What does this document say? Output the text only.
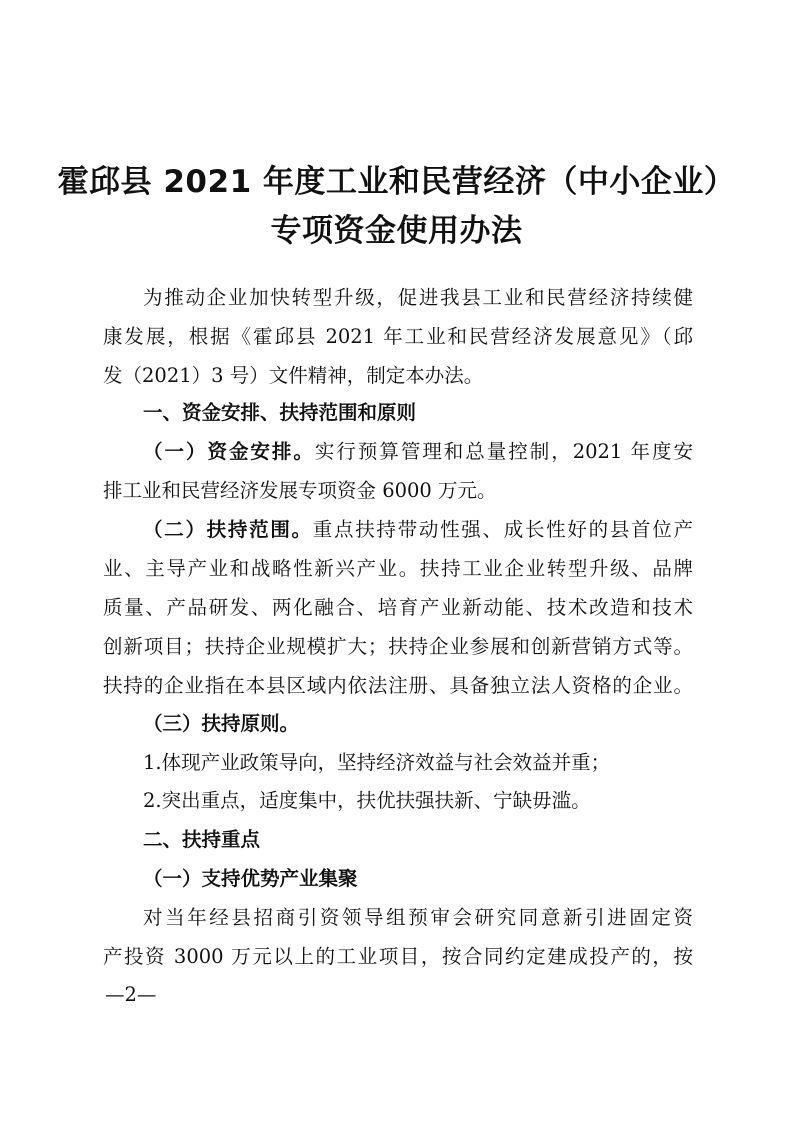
霍邱县 2021 年度工业和民营经济（中小企业）
专项资金使用办法
为推动企业加快转型升级，促进我县工业和民营经济持续健
康发展，根据《霍邱县 2021 年工业和民营经济发展意见》（邱
发（2021）3 号）文件精神，制定本办法。
一、资金安排、扶持范围和原则
（一）资金安排。实行预算管理和总量控制，2021 年度安
排工业和民营经济发展专项资金 6000 万元。
（二）扶持范围。重点扶持带动性强、成长性好的县首位产
业、主导产业和战略性新兴产业。扶持工业企业转型升级、品牌
质量、产品研发、两化融合、培育产业新动能、技术改造和技术
创新项目；扶持企业规模扩大；扶持企业参展和创新营销方式等。
扶持的企业指在本县区域内依法注册、具备独立法人资格的企业。
（三）扶持原则。
1.体现产业政策导向，坚持经济效益与社会效益并重；
2.突出重点，适度集中，扶优扶强扶新、宁缺毋滥。
二、扶持重点
（一）支持优势产业集聚
对当年经县招商引资领导组预审会研究同意新引进固定资
产投资 3000 万元以上的工业项目，按合同约定建成投产的，按
—2—
